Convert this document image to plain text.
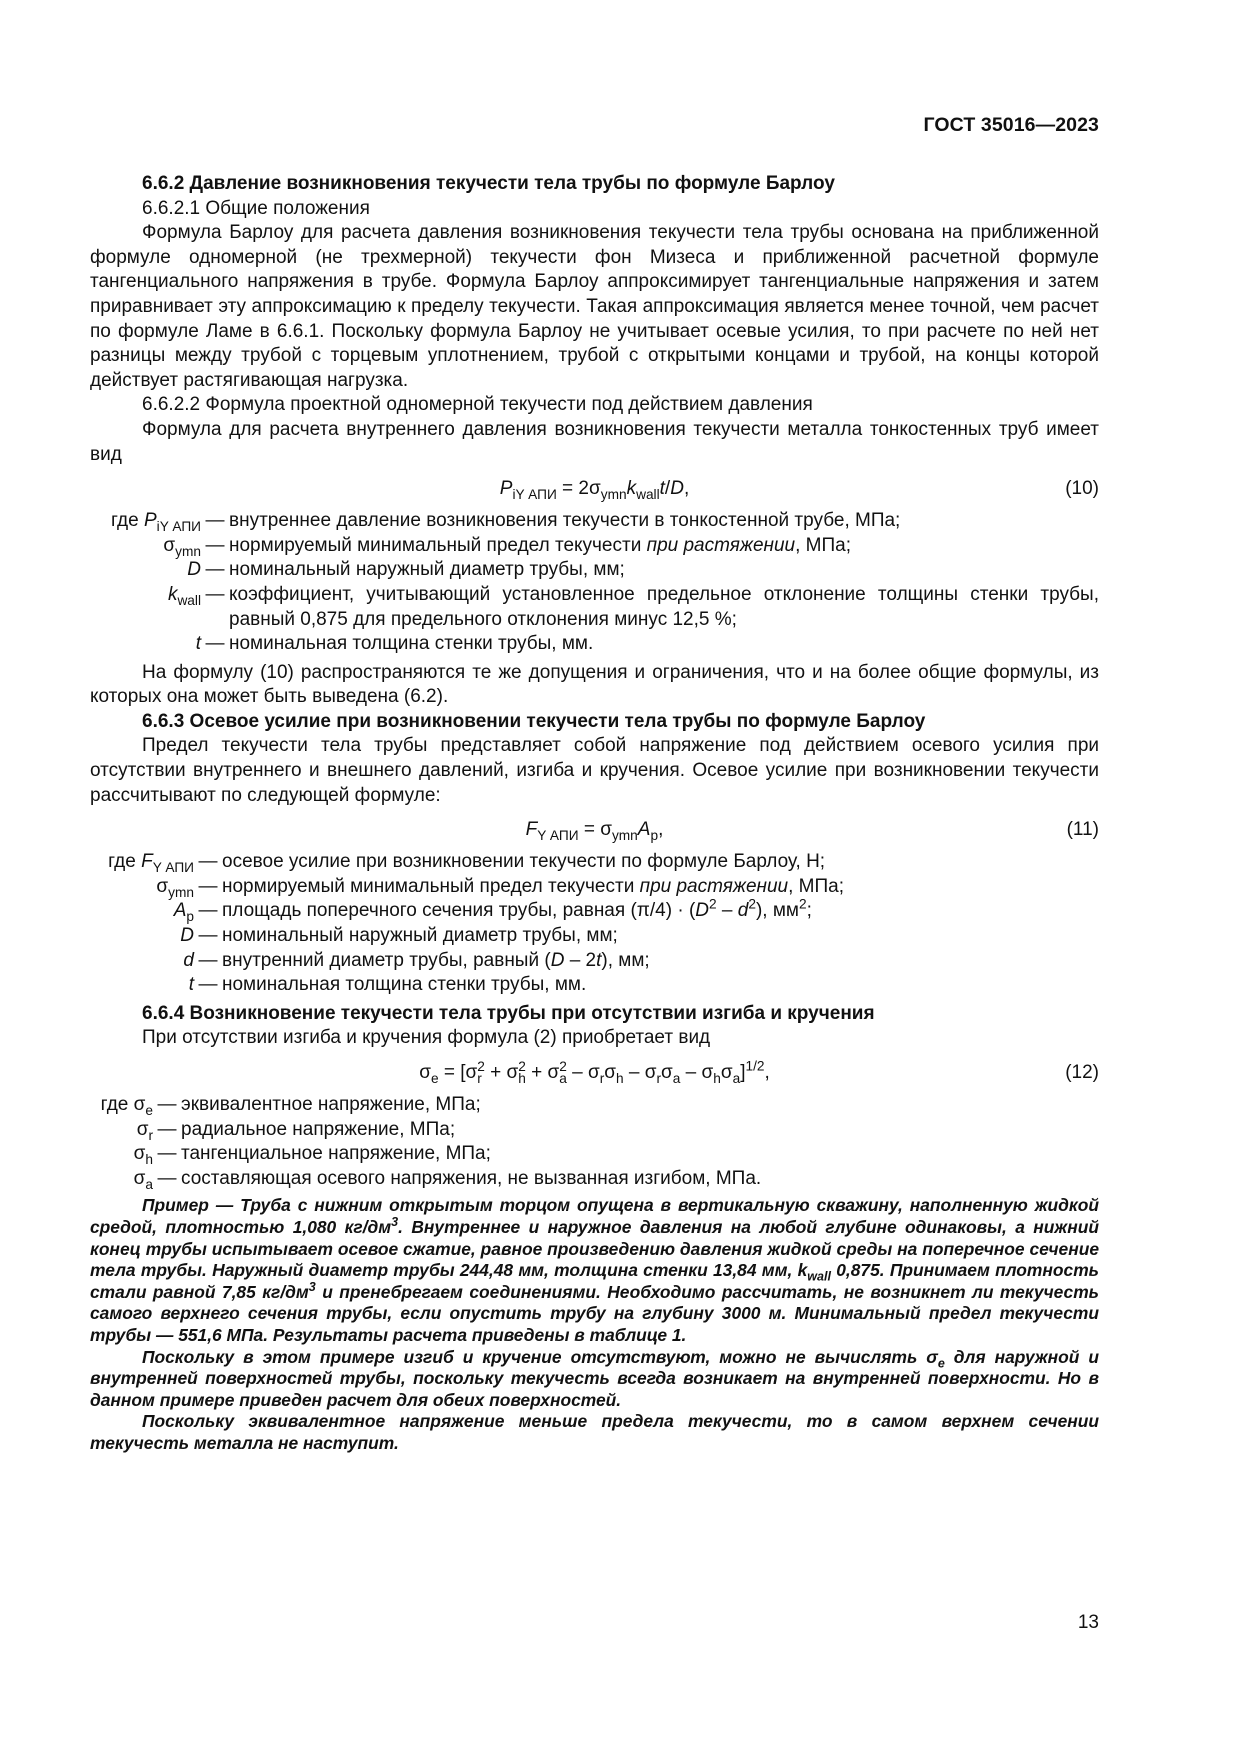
ГОСТ 35016—2023

6.6.2 Давление возникновения текучести тела трубы по формуле Барлоу

6.6.2.1 Общие положения

Формула Барлоу для расчета давления возникновения текучести тела трубы основана на приближенной формуле одномерной (не трехмерной) текучести фон Мизеса и приближенной расчетной формуле тангенциального напряжения в трубе. Формула Барлоу аппроксимирует тангенциальные напряжения и затем приравнивает эту аппроксимацию к пределу текучести. Такая аппроксимация является менее точной, чем расчет по формуле Ламе в 6.6.1. Поскольку формула Барлоу не учитывает осевые усилия, то при расчете по ней нет разницы между трубой с торцевым уплотнением, трубой с открытыми концами и трубой, на концы которой действует растягивающая нагрузка.

6.6.2.2 Формула проектной одномерной текучести под действием давления

Формула для расчета внутреннего давления возникновения текучести металла тонкостенных труб имеет вид

$P_{iY АПИ} = 2\sigma_{ymn}k_{wall}t/D$,	(10)
где $P_{iY АПИ}$ — внутреннее давление возникновения текучести в тонкостенной трубе, МПа;
$\sigma_{ymn}$ — нормируемый минимальный предел текучести при растяжении, МПа;
D — номинальный наружный диаметр трубы, мм;
$k_{wall}$ — коэффициент, учитывающий установленное предельное отклонение толщины стенки трубы, равный 0,875 для предельного отклонения минус 12,5 %;
t — номинальная толщина стенки трубы, мм.

На формулу (10) распространяются те же допущения и ограничения, что и на более общие формулы, из которых она может быть выведена (6.2).

6.6.3 Осевое усилие при возникновении текучести тела трубы по формуле Барлоу

Предел текучести тела трубы представляет собой напряжение под действием осевого усилия при отсутствии внутреннего и внешнего давлений, изгиба и кручения. Осевое усилие при возникновении текучести рассчитывают по следующей формуле:

$F_{Y АПИ} = \sigma_{ymn}A_p$,	(11)
где $F_{Y АПИ}$ — осевое усилие при возникновении текучести по формуле Барлоу, Н;
$\sigma_{ymn}$ — нормируемый минимальный предел текучести при растяжении, МПа;
$A_p$ — площадь поперечного сечения трубы, равная $(\pi/4) \cdot (D^2 - d^2)$, $мм^2$;
D — номинальный наружный диаметр трубы, мм;
d — внутренний диаметр трубы, равный (D – 2t), мм;
t — номинальная толщина стенки трубы, мм.

6.6.4 Возникновение текучести тела трубы при отсутствии изгиба и кручения

При отсутствии изгиба и кручения формула (2) приобретает вид

$\sigma_e = [\sigma$ 2
r + σ 2
h + σ 2
a – $\sigma_r\sigma_h - \sigma_r\sigma_a - \sigma_h\sigma_a]^{1/2}$,	(12)
где $\sigma_e$ — эквивалентное напряжение, МПа;
$\sigma_r$ — радиальное напряжение, МПа;
$\sigma_h$ — тангенциальное напряжение, МПа;
$\sigma_a$ — составляющая осевого напряжения, не вызванная изгибом, МПа.

Пример — Труба с нижним открытым торцом опущена в вертикальную скважину, наполненную жидкой средой, плотностью 1,080 $кг/дм^3$. Внутреннее и наружное давления на любой глубине одинаковы, а нижний конец трубы испытывает осевое сжатие, равное произведению давления жидкой среды на поперечное сечение тела трубы. Наружный диаметр трубы 244,48 мм, толщина стенки 13,84 мм, $k_{wall}$ 0,875. Принимаем плотность стали равной 7,85 $кг/дм^3$ и пренебрегаем соединениями. Необходимо рассчитать, не возникнет ли текучесть самого верхнего сечения трубы, если опустить трубу на глубину 3000 м. Минимальный предел текучести трубы — 551,6 МПа. Результаты расчета приведены в таблице 1.

Поскольку в этом примере изгиб и кручение отсутствуют, можно не вычислять $\sigma_e$ для наружной и внутренней поверхностей трубы, поскольку текучесть всегда возникает на внутренней поверхности. Но в данном примере приведен расчет для обеих поверхностей.

Поскольку эквивалентное напряжение меньше предела текучести, то в самом верхнем сечении текучесть металла не наступит.

13
